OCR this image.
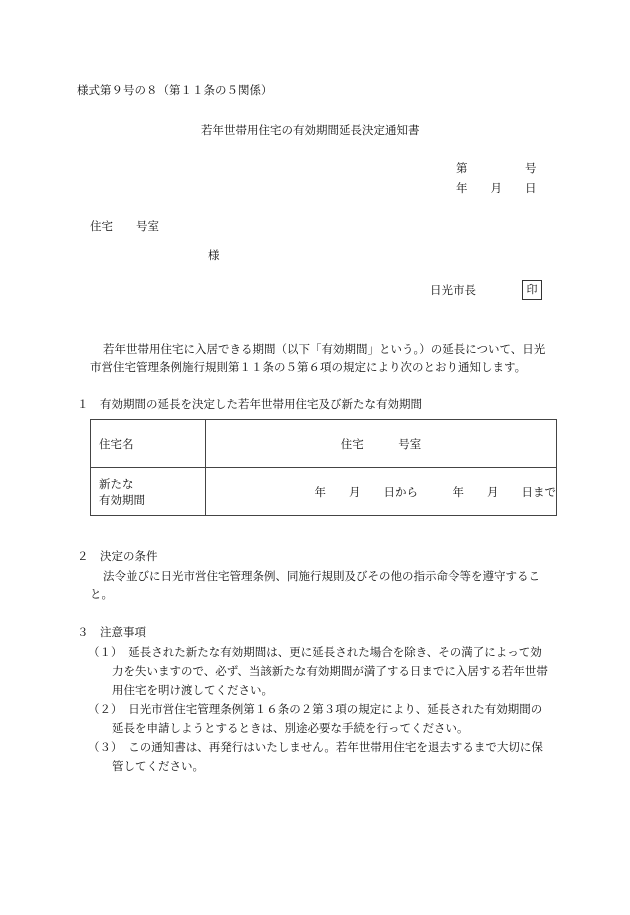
様式第９号の８（第１１条の５関係）
若年世帯用住宅の有効期間延長決定通知書
第　　　　　号
年　　月　　日
住宅　　号室
様
日光市長	印
若年世帯用住宅に入居できる期間（以下「有効期間」という。）の延長について、日光
市営住宅管理条例施行規則第１１条の５第６項の規定により次のとおり通知します。
１　有効期間の延長を決定した若年世帯用住宅及び新たな有効期間
住宅名	住宅　　　号室

新たな
有効期間	年　　月　　日から　　　年　　月　　日まで
２　決定の条件
法令並びに日光市営住宅管理条例、同施行規則及びその他の指示命令等を遵守するこ
と。
３　注意事項
（１）　延長された新たな有効期間は、更に延長された場合を除き、その満了によって効
力を失いますので、必ず、当該新たな有効期間が満了する日までに入居する若年世帯
用住宅を明け渡してください。
（２）　日光市営住宅管理条例第１６条の２第３項の規定により、延長された有効期間の
延長を申請しようとするときは、別途必要な手続を行ってください。
（３）　この通知書は、再発行はいたしません。若年世帯用住宅を退去するまで大切に保
管してください。
